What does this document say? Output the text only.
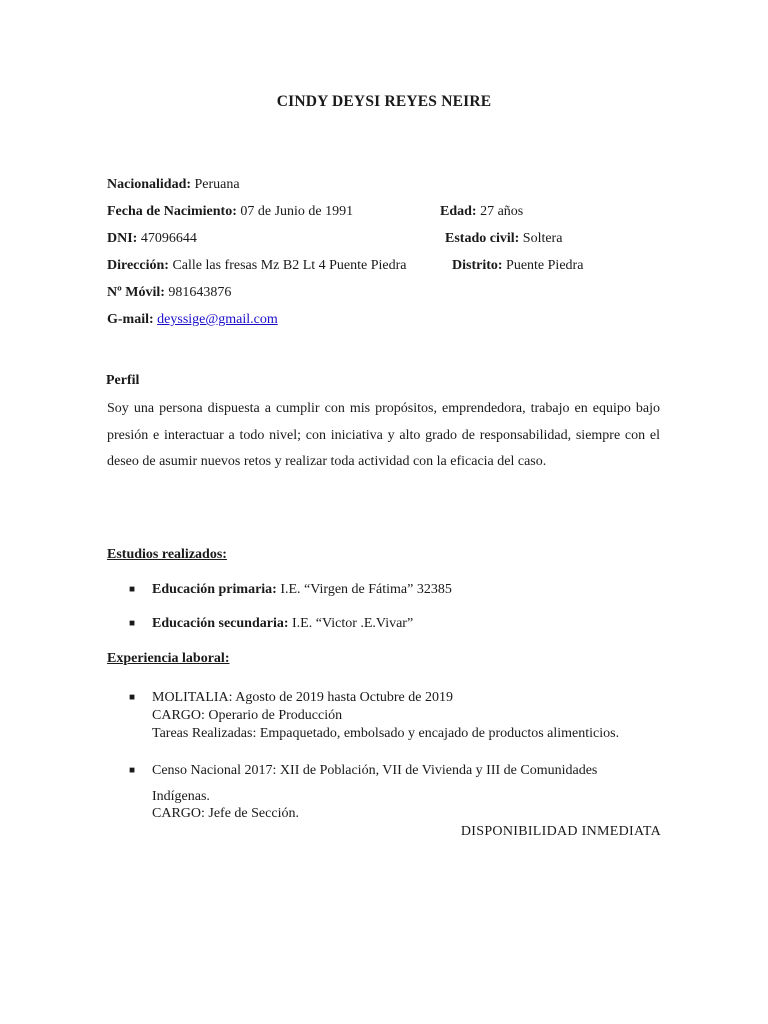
CINDY DEYSI REYES NEIRE
Nacionalidad: Peruana
Fecha de Nacimiento: 07 de Junio de 1991	Edad: 27 años
DNI: 47096644	Estado civil: Soltera
Dirección: Calle las fresas Mz B2 Lt 4 Puente Piedra	Distrito: Puente Piedra
Nº Móvil: 981643876
G-mail: deyssige@gmail.com
Perfil
Soy una persona dispuesta a cumplir con mis propósitos, emprendedora, trabajo en equipo bajo presión e interactuar a todo nivel; con iniciativa y alto grado de responsabilidad, siempre con el deseo de asumir nuevos retos y realizar toda actividad con la eficacia del caso.
Estudios realizados:
■ Educación primaria: I.E. “Virgen de Fátima” 32385
■ Educación secundaria: I.E. “Victor .E.Vivar”
Experiencia laboral:
■ MOLITALIA: Agosto de 2019 hasta Octubre de 2019
CARGO: Operario de Producción
Tareas Realizadas: Empaquetado, embolsado y encajado de productos alimenticios.
■ Censo Nacional 2017: XII de Población, VII de Vivienda y III de Comunidades
Indígenas.
CARGO: Jefe de Sección.
DISPONIBILIDAD INMEDIATA
